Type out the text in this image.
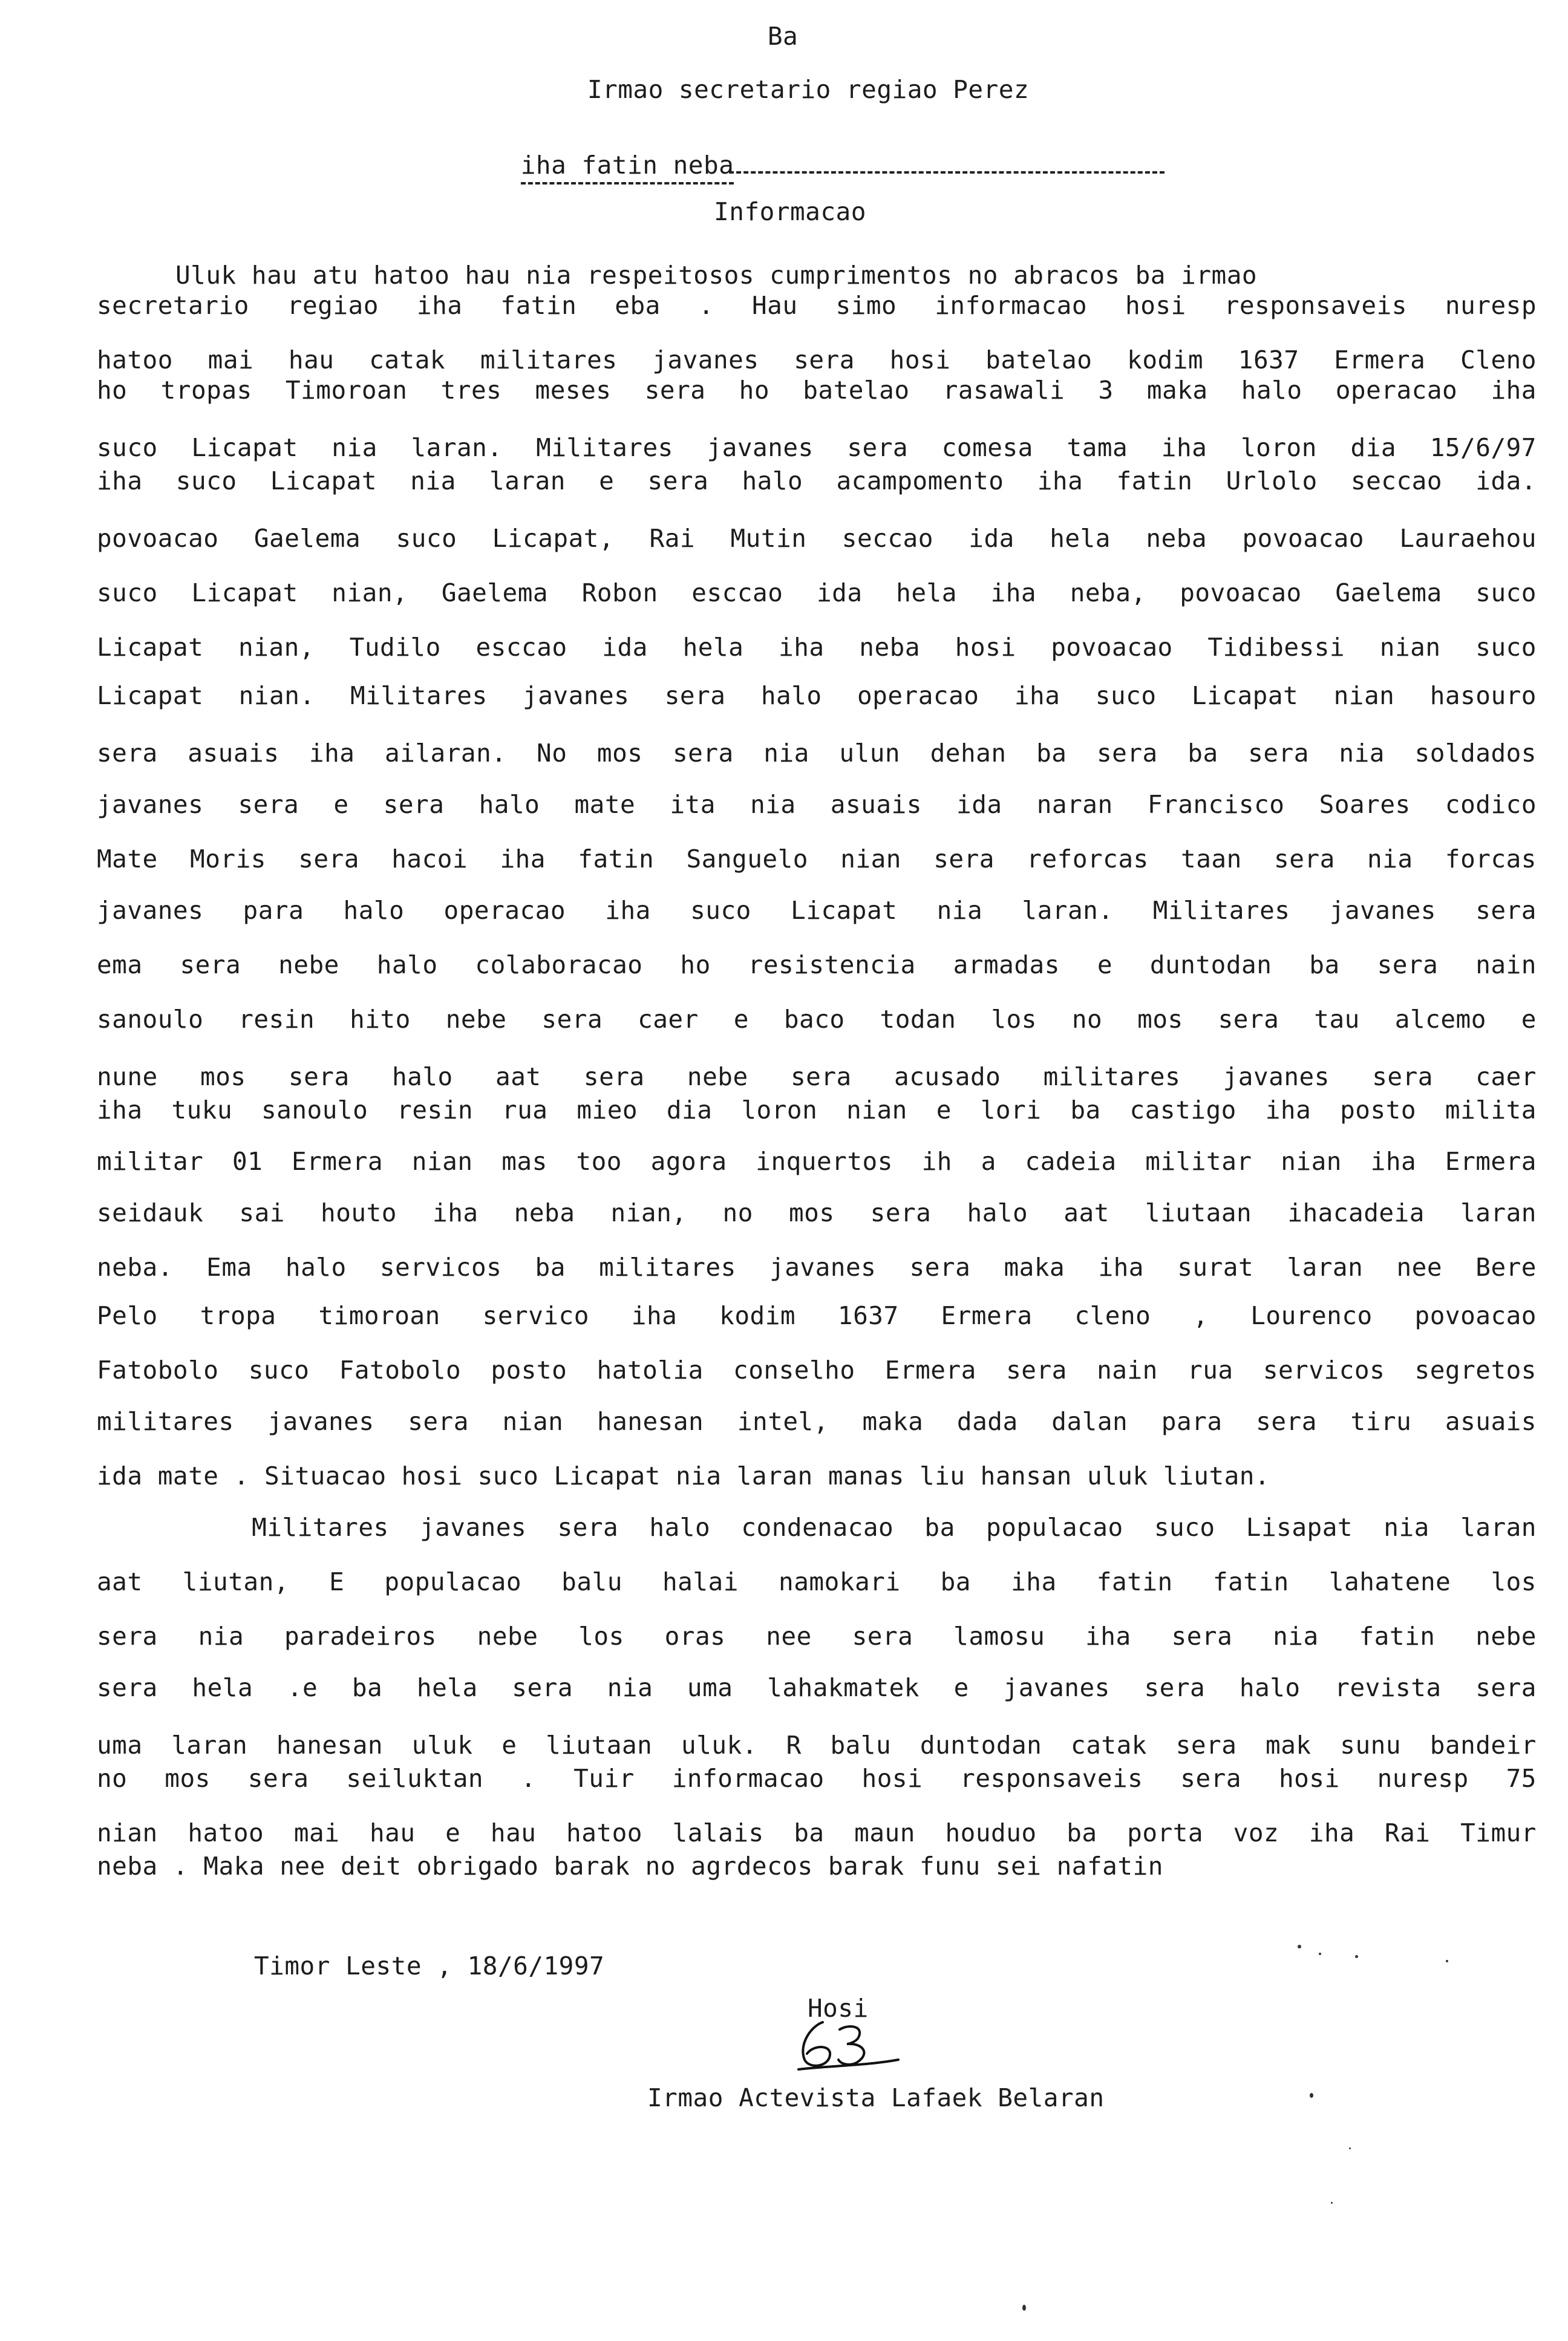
Ba
Irmao secretario regiao Perez

iha fatin neba

Informacao
Uluk hau atu hatoo hau nia respeitosos cumprimentos no abracos ba irmao
secretario regiao iha fatin eba . Hau simo informacao hosi responsaveis nuresp
hatoo mai hau catak militares javanes sera hosi batelao kodim 1637 Ermera Cleno
ho tropas Timoroan tres meses sera ho batelao rasawali 3 maka halo operacao iha
suco Licapat nia laran. Militares javanes sera comesa tama iha loron dia 15/6/97
iha suco Licapat nia laran e sera halo acampomento iha fatin Urlolo seccao ida.
povoacao Gaelema suco Licapat, Rai Mutin seccao ida hela neba povoacao Lauraehou
suco Licapat nian, Gaelema Robon esccao ida hela iha neba, povoacao Gaelema suco
Licapat nian, Tudilo esccao ida hela iha neba hosi povoacao Tidibessi nian suco
Licapat nian. Militares javanes sera halo operacao iha suco Licapat nian hasouro
sera asuais iha ailaran. No mos sera nia ulun dehan ba sera ba sera nia soldados
javanes sera e sera halo mate ita nia asuais ida naran Francisco Soares codico
Mate Moris sera hacoi iha fatin Sanguelo nian sera reforcas taan sera nia forcas
javanes para halo operacao iha suco Licapat nia laran. Militares javanes sera
ema sera nebe halo colaboracao ho resistencia armadas e duntodan ba sera nain
sanoulo resin hito nebe sera caer e baco todan los no mos sera tau alcemo e
nune mos sera halo aat sera nebe sera acusado militares javanes sera caer
iha tuku sanoulo resin rua mieo dia loron nian e lori ba castigo iha posto milita
militar 01 Ermera nian mas too agora inquertos ih a cadeia militar nian iha Ermera
seidauk sai houto iha neba nian, no mos sera halo aat liutaan ihacadeia laran
neba. Ema halo servicos ba militares javanes sera maka iha surat laran nee Bere
Pelo tropa timoroan servico iha kodim 1637 Ermera cleno , Lourenco povoacao
Fatobolo suco Fatobolo posto hatolia conselho Ermera sera nain rua servicos segretos
militares javanes sera nian hanesan intel, maka dada dalan para sera tiru asuais
ida mate . Situacao hosi suco Licapat nia laran manas liu hansan uluk liutan.
Militares javanes sera halo condenacao ba populacao suco Lisapat nia laran
aat liutan, E populacao balu halai namokari ba iha fatin fatin lahatene los
sera nia paradeiros nebe los oras nee sera lamosu iha sera nia fatin nebe
sera hela .e ba hela sera nia uma lahakmatek e javanes sera halo revista sera
uma laran hanesan uluk e liutaan uluk. R balu duntodan catak sera mak sunu bandeir
no mos sera seiluktan . Tuir informacao hosi responsaveis sera hosi nuresp 75
nian hatoo mai hau e hau hatoo lalais ba maun houduo ba porta voz iha Rai Timur
neba . Maka nee deit obrigado barak no agrdecos barak funu sei nafatin
Timor Leste , 18/6/1997
Hosi
Irmao Actevista Lafaek Belaran
